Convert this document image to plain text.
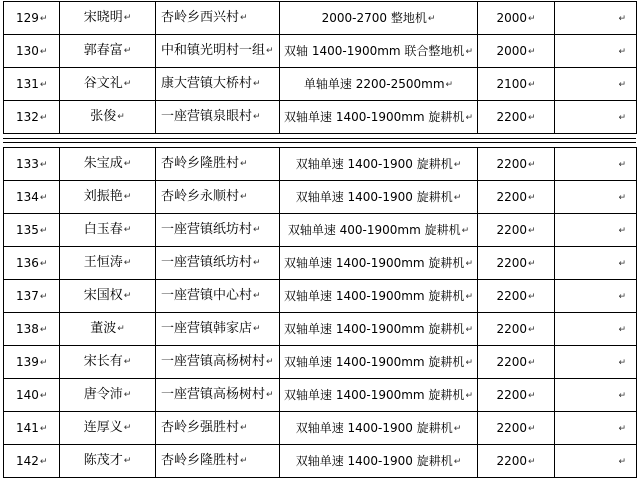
129↵	宋晓明↵	杏岭乡西兴村↵	2000-2700 整地机↵	2000↵	↵
130↵	郭春富↵	中和镇光明村一组↵	双轴 1400-1900mm 联合整地机↵	2000↵	↵
131↵	谷文礼↵	康大营镇大桥村↵	单轴单速 2200-2500mm↵	2100↵	↵
132↵	张俊↵	一座营镇泉眼村↵	双轴单速 1400-1900mm 旋耕机↵	2200↵	↵
133↵	朱宝成↵	杏岭乡隆胜村↵	双轴单速 1400-1900 旋耕机↵	2200↵	↵
134↵	刘振艳↵	杏岭乡永顺村↵	双轴单速 1400-1900 旋耕机↵	2200↵	↵
135↵	白玉春↵	一座营镇纸坊村↵	双轴单速 400-1900mm 旋耕机↵	2200↵	↵
136↵	王恒涛↵	一座营镇纸坊村↵	双轴单速 1400-1900mm 旋耕机↵	2200↵	↵
137↵	宋国权↵	一座营镇中心村↵	双轴单速 1400-1900mm 旋耕机↵	2200↵	↵
138↵	董波↵	一座营镇韩家店↵	双轴单速 1400-1900mm 旋耕机↵	2200↵	↵
139↵	宋长有↵	一座营镇高杨树村↵	双轴单速 1400-1900mm 旋耕机↵	2200↵	↵
140↵	唐令沛↵	一座营镇高杨树村↵	双轴单速 1400-1900mm 旋耕机↵	2200↵	↵
141↵	连厚义↵	杏岭乡强胜村↵	双轴单速 1400-1900 旋耕机↵	2200↵	↵
142↵	陈茂才↵	杏岭乡隆胜村↵	双轴单速 1400-1900 旋耕机↵	2200↵	↵
